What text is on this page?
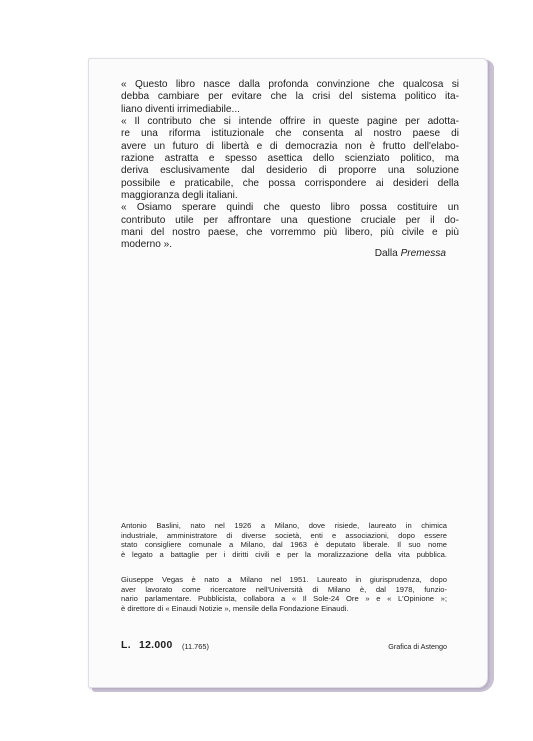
« Questo libro nasce dalla profonda convinzione che qualcosa si

debba cambiare per evitare che la crisi del sistema politico ita-

liano diventi irrimediabile...

« Il contributo che si intende offrire in queste pagine per adotta-

re una riforma istituzionale che consenta al nostro paese di

avere un futuro di libertà e di democrazia non è frutto dell'elabo-

razione astratta e spesso asettica dello scienziato politico, ma

deriva esclusivamente dal desiderio di proporre una soluzione

possibile e praticabile, che possa corrispondere ai desideri della

maggioranza degli italiani.

« Osiamo sperare quindi che questo libro possa costituire un

contributo utile per affrontare una questione cruciale per il do-

mani del nostro paese, che vorremmo più libero, più civile e più

moderno ».

Dalla Premessa
Antonio Baslini, nato nel 1926 a Milano, dove risiede, laureato in chimica
industriale, amministratore di diverse società, enti e associazioni, dopo essere
stato consigliere comunale a Milano, dal 1963 è deputato liberale. Il suo nome
è legato a battaglie per i diritti civili e per la moralizzazione della vita pubblica.
Giuseppe Vegas è nato a Milano nel 1951. Laureato in giurisprudenza, dopo
aver lavorato come ricercatore nell'Università di Milano è, dal 1978, funzio-
nario parlamentare. Pubblicista, collabora a « Il Sole-24 Ore » e « L'Opinione »;
è direttore di « Einaudi Notizie », mensile della Fondazione Einaudi.
L. 12.000 (11.765)	Grafica di Astengo
